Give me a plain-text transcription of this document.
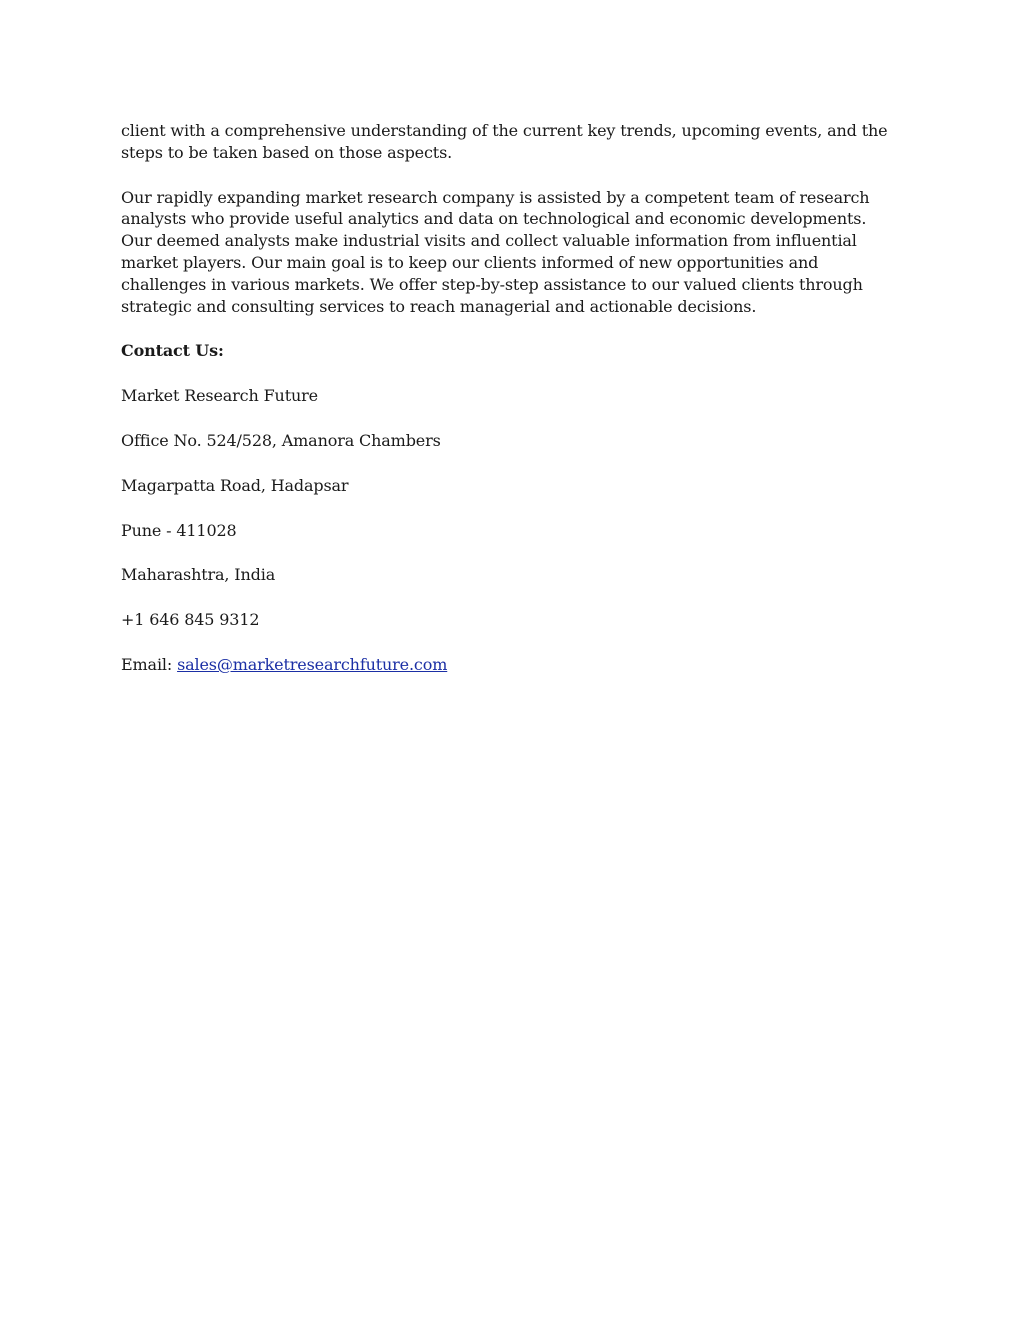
client with a comprehensive understanding of the current key trends, upcoming events, and the steps to be taken based on those aspects.

Our rapidly expanding market research company is assisted by a competent team of research analysts who provide useful analytics and data on technological and economic developments. Our deemed analysts make industrial visits and collect valuable information from influential market players. Our main goal is to keep our clients informed of new opportunities and challenges in various markets. We offer step-by-step assistance to our valued clients through strategic and consulting services to reach managerial and actionable decisions.

Contact Us:

Market Research Future
Office No. 524/528, Amanora Chambers
Magarpatta Road, Hadapsar
Pune - 411028
Maharashtra, India
+1 646 845 9312
Email: sales@marketresearchfuture.com
